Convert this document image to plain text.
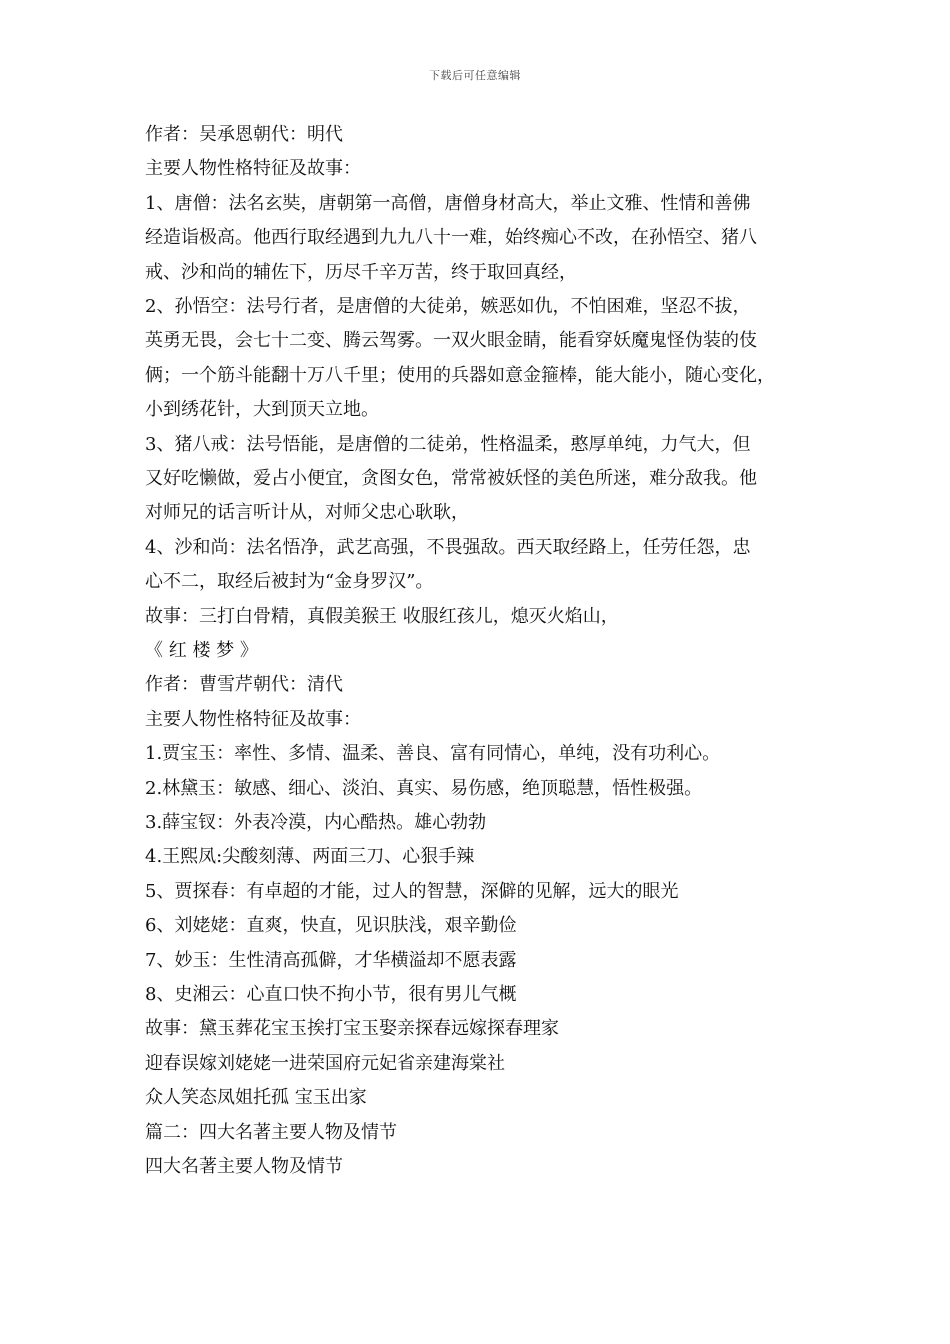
下载后可任意编辑
作者：吴承恩朝代：明代
主要人物性格特征及故事：
1、唐僧：法名玄奘，唐朝第一高僧，唐僧身材高大，举止文雅、性情和善佛
经造诣极高。他西行取经遇到九九八十一难，始终痴心不改，在孙悟空、猪八
戒、沙和尚的辅佐下，历尽千辛万苦，终于取回真经，
2、孙悟空：法号行者，是唐僧的大徒弟，嫉恶如仇，不怕困难，坚忍不拔，
英勇无畏，会七十二变、腾云驾雾。一双火眼金睛，能看穿妖魔鬼怪伪装的伎
俩；一个筋斗能翻十万八千里；使用的兵器如意金箍棒，能大能小，随心变化，
小到绣花针，大到顶天立地。
3、猪八戒：法号悟能，是唐僧的二徒弟，性格温柔，憨厚单纯，力气大，但
又好吃懒做，爱占小便宜，贪图女色，常常被妖怪的美色所迷，难分敌我。他
对师兄的话言听计从，对师父忠心耿耿，
4、沙和尚：法名悟净，武艺高强，不畏强敌。西天取经路上，任劳任怨，忠
心不二，取经后被封为“金身罗汉”。
故事：三打白骨精，真假美猴王 收服红孩儿，熄灭火焰山，
《 红 楼 梦 》
作者：曹雪芹朝代：清代
主要人物性格特征及故事：
1.贾宝玉：率性、多情、温柔、善良、富有同情心，单纯，没有功利心。
2.林黛玉：敏感、细心、淡泊、真实、易伤感，绝顶聪慧，悟性极强。
3.薛宝钗：外表冷漠，内心酷热。雄心勃勃
4.王熙凤:尖酸刻薄、两面三刀、心狠手辣
5、贾探春：有卓超的才能，过人的智慧，深僻的见解，远大的眼光
6、刘姥姥：直爽，快直，见识肤浅，艰辛勤俭
7、妙玉：生性清高孤僻，才华横溢却不愿表露
8、史湘云：心直口快不拘小节，很有男儿气概
故事：黛玉葬花宝玉挨打宝玉娶亲探春远嫁探春理家
迎春误嫁刘姥姥一进荣国府元妃省亲建海棠社
众人笑态凤姐托孤 宝玉出家
篇二：四大名著主要人物及情节
四大名著主要人物及情节
